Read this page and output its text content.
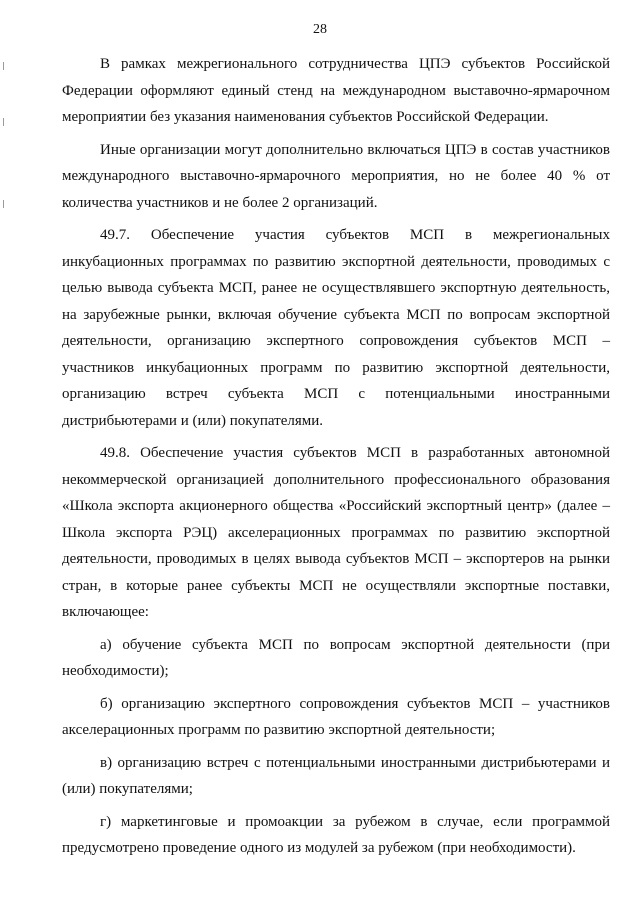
28

В рамках межрегионального сотрудничества ЦПЭ субъектов Российской Федерации оформляют единый стенд на международном выставочно-ярмарочном мероприятии без указания наименования субъектов Российской Федерации.

Иные организации могут дополнительно включаться ЦПЭ в состав участников международного выставочно-ярмарочного мероприятия, но не более 40 % от количества участников и не более 2 организаций.

49.7. Обеспечение участия субъектов МСП в межрегиональных инкубационных программах по развитию экспортной деятельности, проводимых с целью вывода субъекта МСП, ранее не осуществлявшего экспортную деятельность, на зарубежные рынки, включая обучение субъекта МСП по вопросам экспортной деятельности, организацию экспертного сопровождения субъектов МСП – участников инкубационных программ по развитию экспортной деятельности, организацию встреч субъекта МСП с потенциальными иностранными дистрибьютерами и (или) покупателями.

49.8. Обеспечение участия субъектов МСП в разработанных автономной некоммерческой организацией дополнительного профессионального образования «Школа экспорта акционерного общества «Российский экспортный центр» (далее – Школа экспорта РЭЦ) акселерационных программах по развитию экспортной деятельности, проводимых в целях вывода субъектов МСП – экспортеров на рынки стран, в которые ранее субъекты МСП не осуществляли экспортные поставки, включающее:

а) обучение субъекта МСП по вопросам экспортной деятельности (при необходимости);

б) организацию экспертного сопровождения субъектов МСП – участников акселерационных программ по развитию экспортной деятельности;

в) организацию встреч с потенциальными иностранными дистрибьютерами и (или) покупателями;

г) маркетинговые и промоакции за рубежом в случае, если программой предусмотрено проведение одного из модулей за рубежом (при необходимости).
